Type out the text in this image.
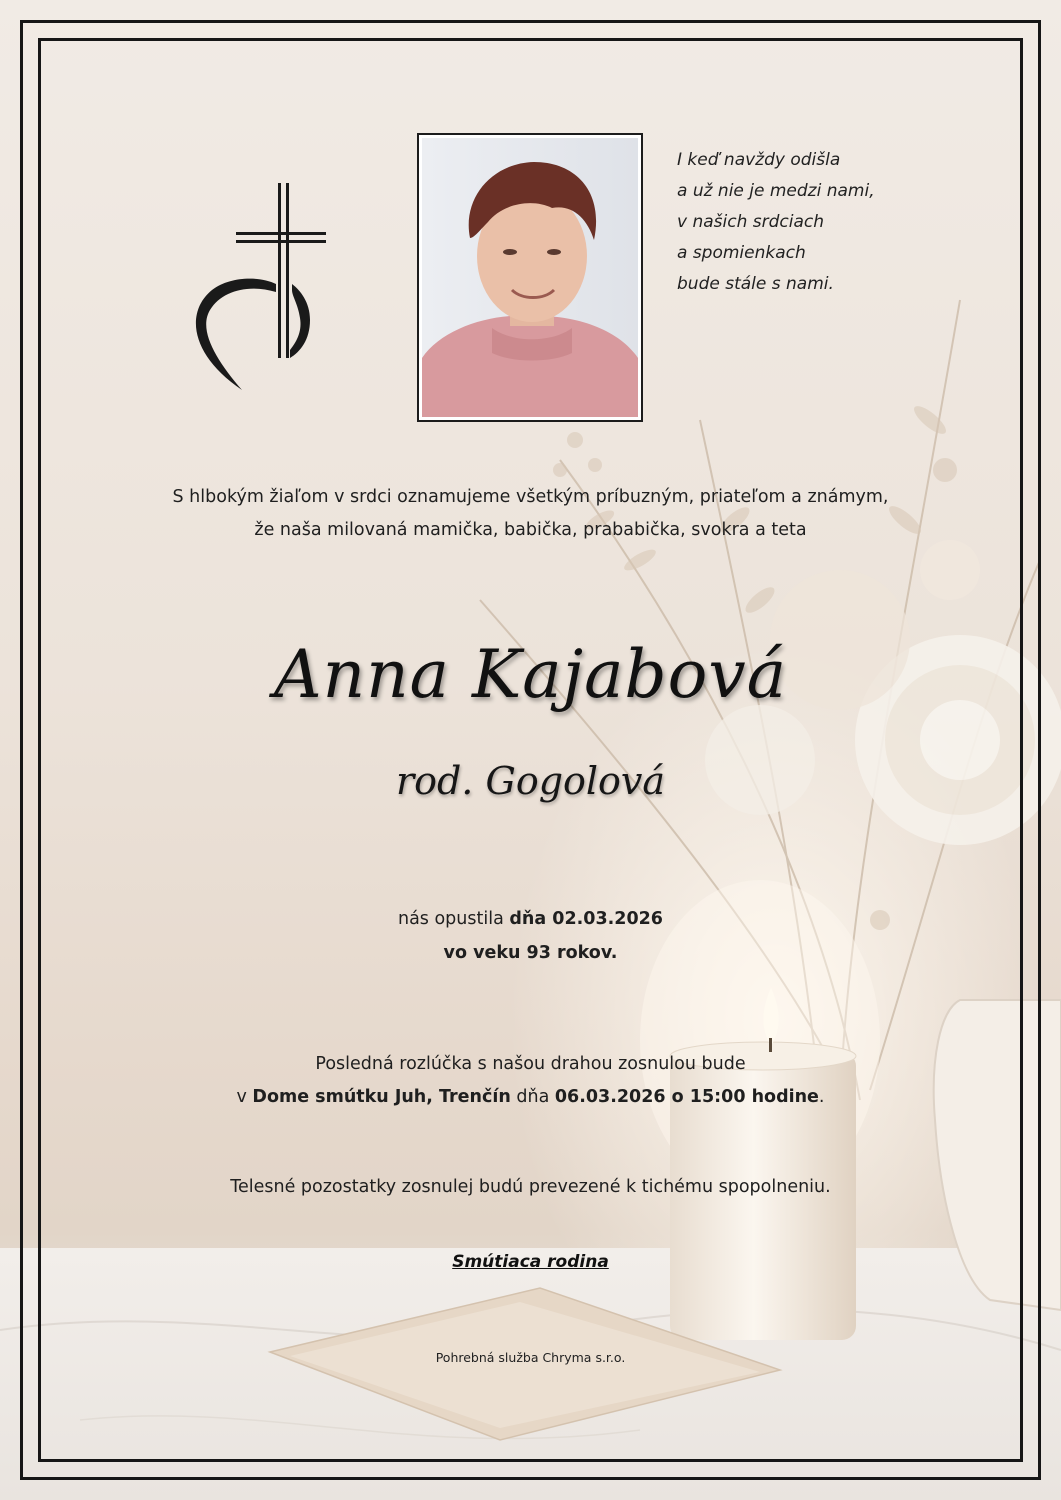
I keď navždy odišla
a už nie je medzi nami,
v našich srdciach
a spomienkach
bude stále s nami.
S hlbokým žiaľom v srdci oznamujeme všetkým príbuzným, priateľom a známym,
že naša milovaná mamička, babička, prababička, svokra a teta
Anna Kajabová
rod. Gogolová
nás opustila dňa 02.03.2026
vo veku 93 rokov.
Posledná rozlúčka s našou drahou zosnulou bude
v Dome smútku Juh, Trenčín dňa 06.03.2026 o 15:00 hodine.
Telesné pozostatky zosnulej budú prevezené k tichému spopolneniu.
Smútiaca rodina
Pohrebná služba Chryma s.r.o.
